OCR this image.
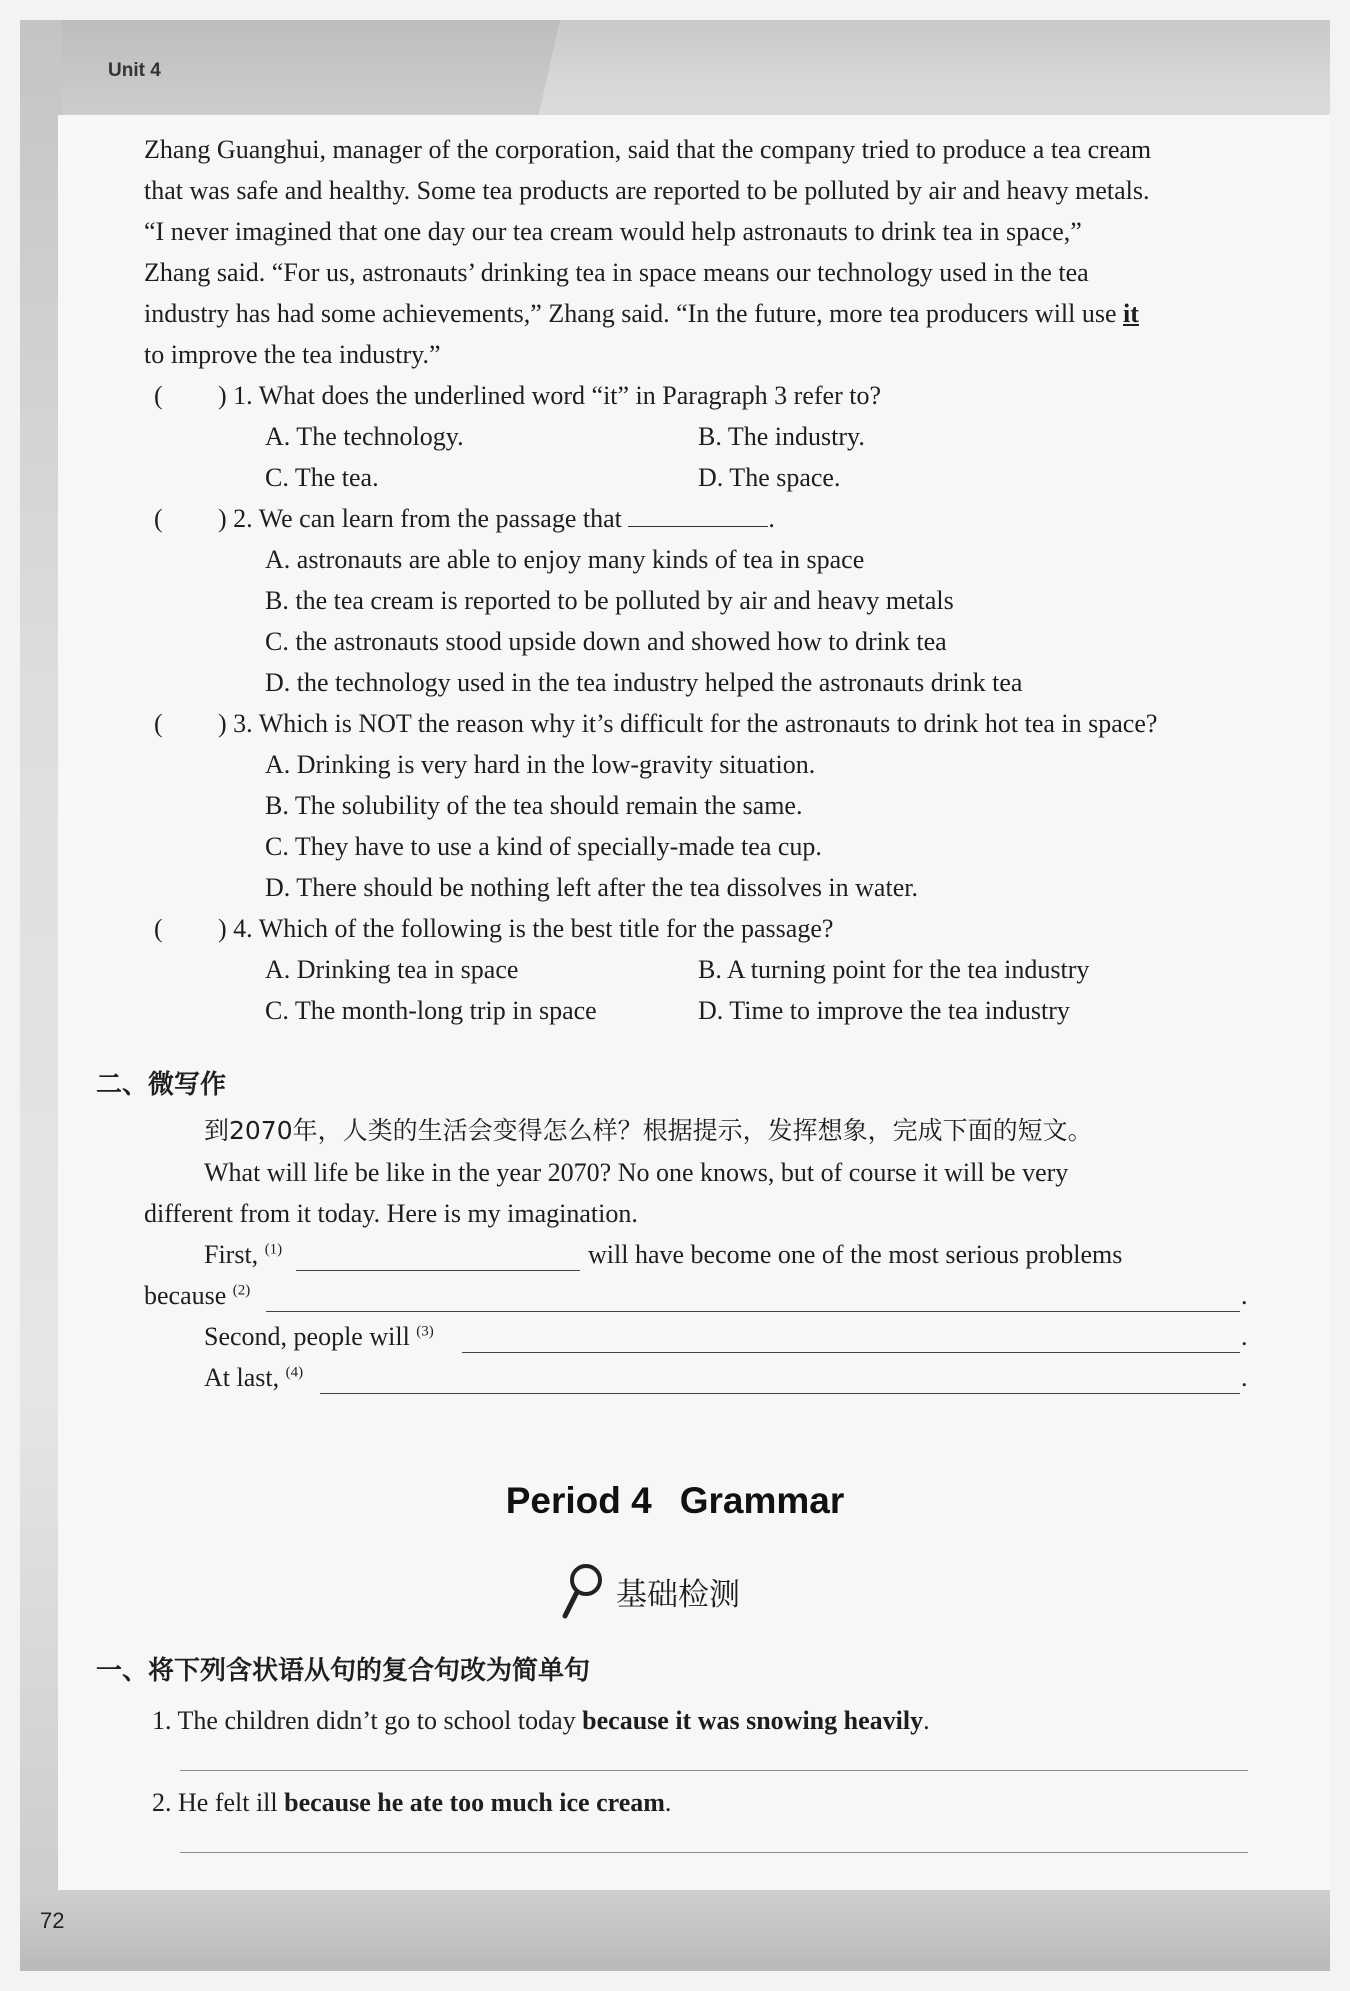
Unit 4
Zhang Guanghui, manager of the corporation, said that the company tried to produce a tea cream
that was safe and healthy. Some tea products are reported to be polluted by air and heavy metals.
“I never imagined that one day our tea cream would help astronauts to drink tea in space,”
Zhang said. “For us, astronauts’ drinking tea in space means our technology used in the tea
industry has had some achievements,” Zhang said. “In the future, more tea producers will use it
to improve the tea industry.”
( ) 1. What does the underlined word “it” in Paragraph 3 refer to?
A. The technology.	B. The industry.
C. The tea.	D. The space.
( ) 2. We can learn from the passage that	.
A. astronauts are able to enjoy many kinds of tea in space
B. the tea cream is reported to be polluted by air and heavy metals
C. the astronauts stood upside down and showed how to drink tea
D. the technology used in the tea industry helped the astronauts drink tea
( ) 3. Which is NOT the reason why it’s difficult for the astronauts to drink hot tea in space?
A. Drinking is very hard in the low-gravity situation.
B. The solubility of the tea should remain the same.
C. They have to use a kind of specially-made tea cup.
D. There should be nothing left after the tea dissolves in water.
( ) 4. Which of the following is the best title for the passage?
A. Drinking tea in space	B. A turning point for the tea industry
C. The month-long trip in space	D. Time to improve the tea industry
二、微写作
到2070年，人类的生活会变得怎么样？根据提示，发挥想象，完成下面的短文。
What will life be like in the year 2070? No one knows, but of course it will be very
different from it today. Here is my imagination.
First, $^{(1)}$	will have become one of the most serious problems
because $^{(2)}$	.
Second, people will $^{(3)}$	.
At last, $^{(4)}$	.
Period 4 Grammar
基础检测
一、将下列含状语从句的复合句改为简单句
1. The children didn’t go to school today because it was snowing heavily.
2. He felt ill because he ate too much ice cream.
72
